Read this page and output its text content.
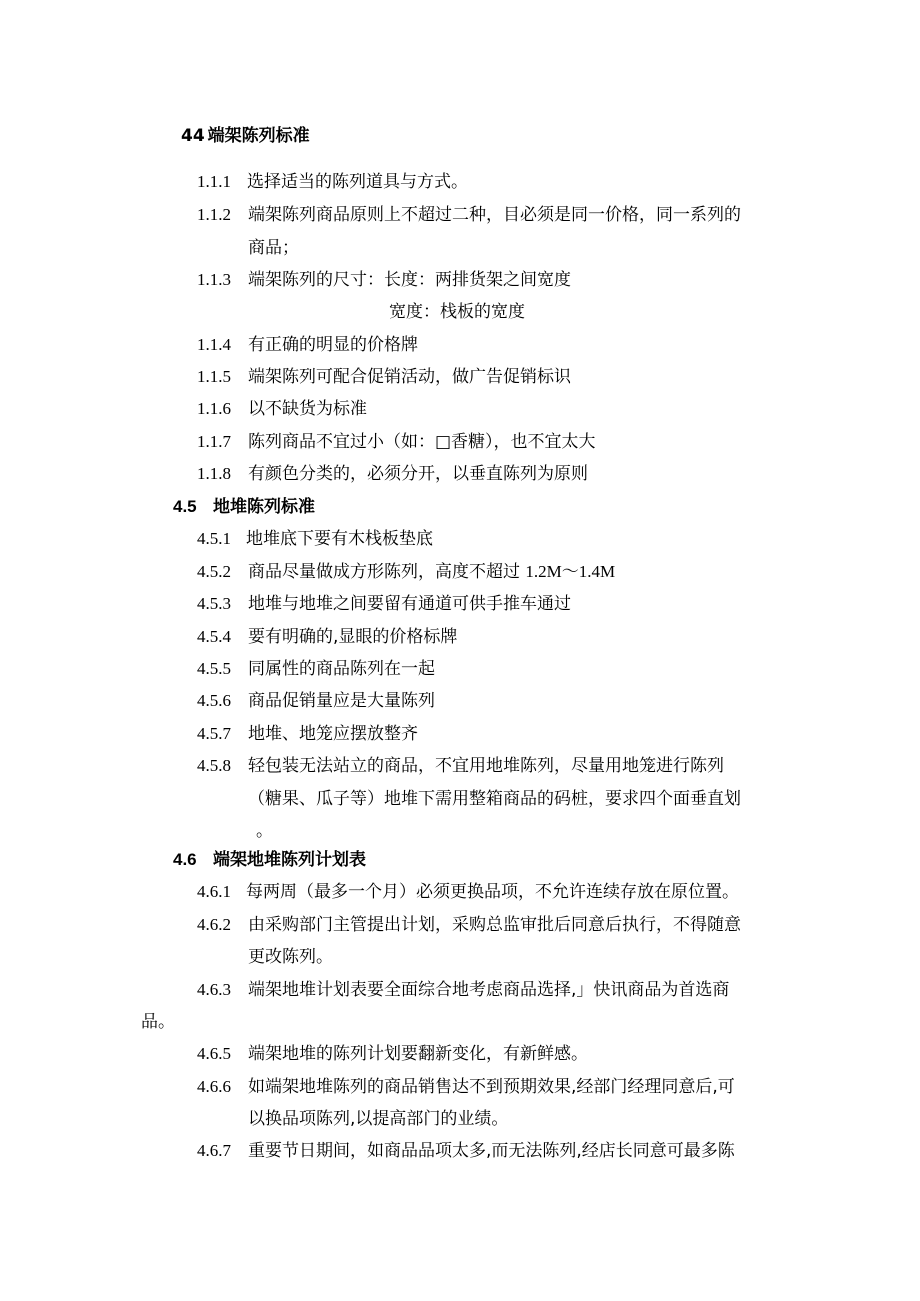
44 端架陈列标准
1.1.1 选择适当的陈列道具与方式。
1.1.2 端架陈列商品原则上不超过二种，目必须是同一价格，同一系列的
商品；
1.1.3 端架陈列的尺寸：长度：两排货架之间宽度
宽度：栈板的宽度
1.1.4 有正确的明显的价格牌
1.1.5 端架陈列可配合促销活动，做广告促销标识
1.1.6 以不缺货为标准
1.1.7 陈列商品不宜过小（如：□香糖），也不宜太大
1.1.8 有颜色分类的，必须分开，以垂直陈列为原则
4.5 地堆陈列标准
4.5.1 地堆底下要有木栈板垫底
4.5.2 商品尽量做成方形陈列，高度不超过 1.2M～1.4M
4.5.3 地堆与地堆之间要留有通道可供手推车通过
4.5.4 要有明确的,显眼的价格标牌
4.5.5 同属性的商品陈列在一起
4.5.6 商品促销量应是大量陈列
4.5.7 地堆、地笼应摆放整齐
4.5.8 轻包装无法站立的商品，不宜用地堆陈列，尽量用地笼进行陈列
（糖果、瓜子等）地堆下需用整箱商品的码桩，要求四个面垂直划
。
4.6 端架地堆陈列计划表
4.6.1 每两周（最多一个月）必须更换品项，不允许连续存放在原位置。
4.6.2 由采购部门主管提出计划，采购总监审批后同意后执行，不得随意
更改陈列。
4.6.3 端架地堆计划表要全面综合地考虑商品选择,」快讯商品为首选商
品。
4.6.5 端架地堆的陈列计划要翻新变化，有新鲜感。
4.6.6 如端架地堆陈列的商品销售达不到预期效果,经部门经理同意后,可
以换品项陈列,以提高部门的业绩。
4.6.7 重要节日期间，如商品品项太多,而无法陈列,经店长同意可最多陈
